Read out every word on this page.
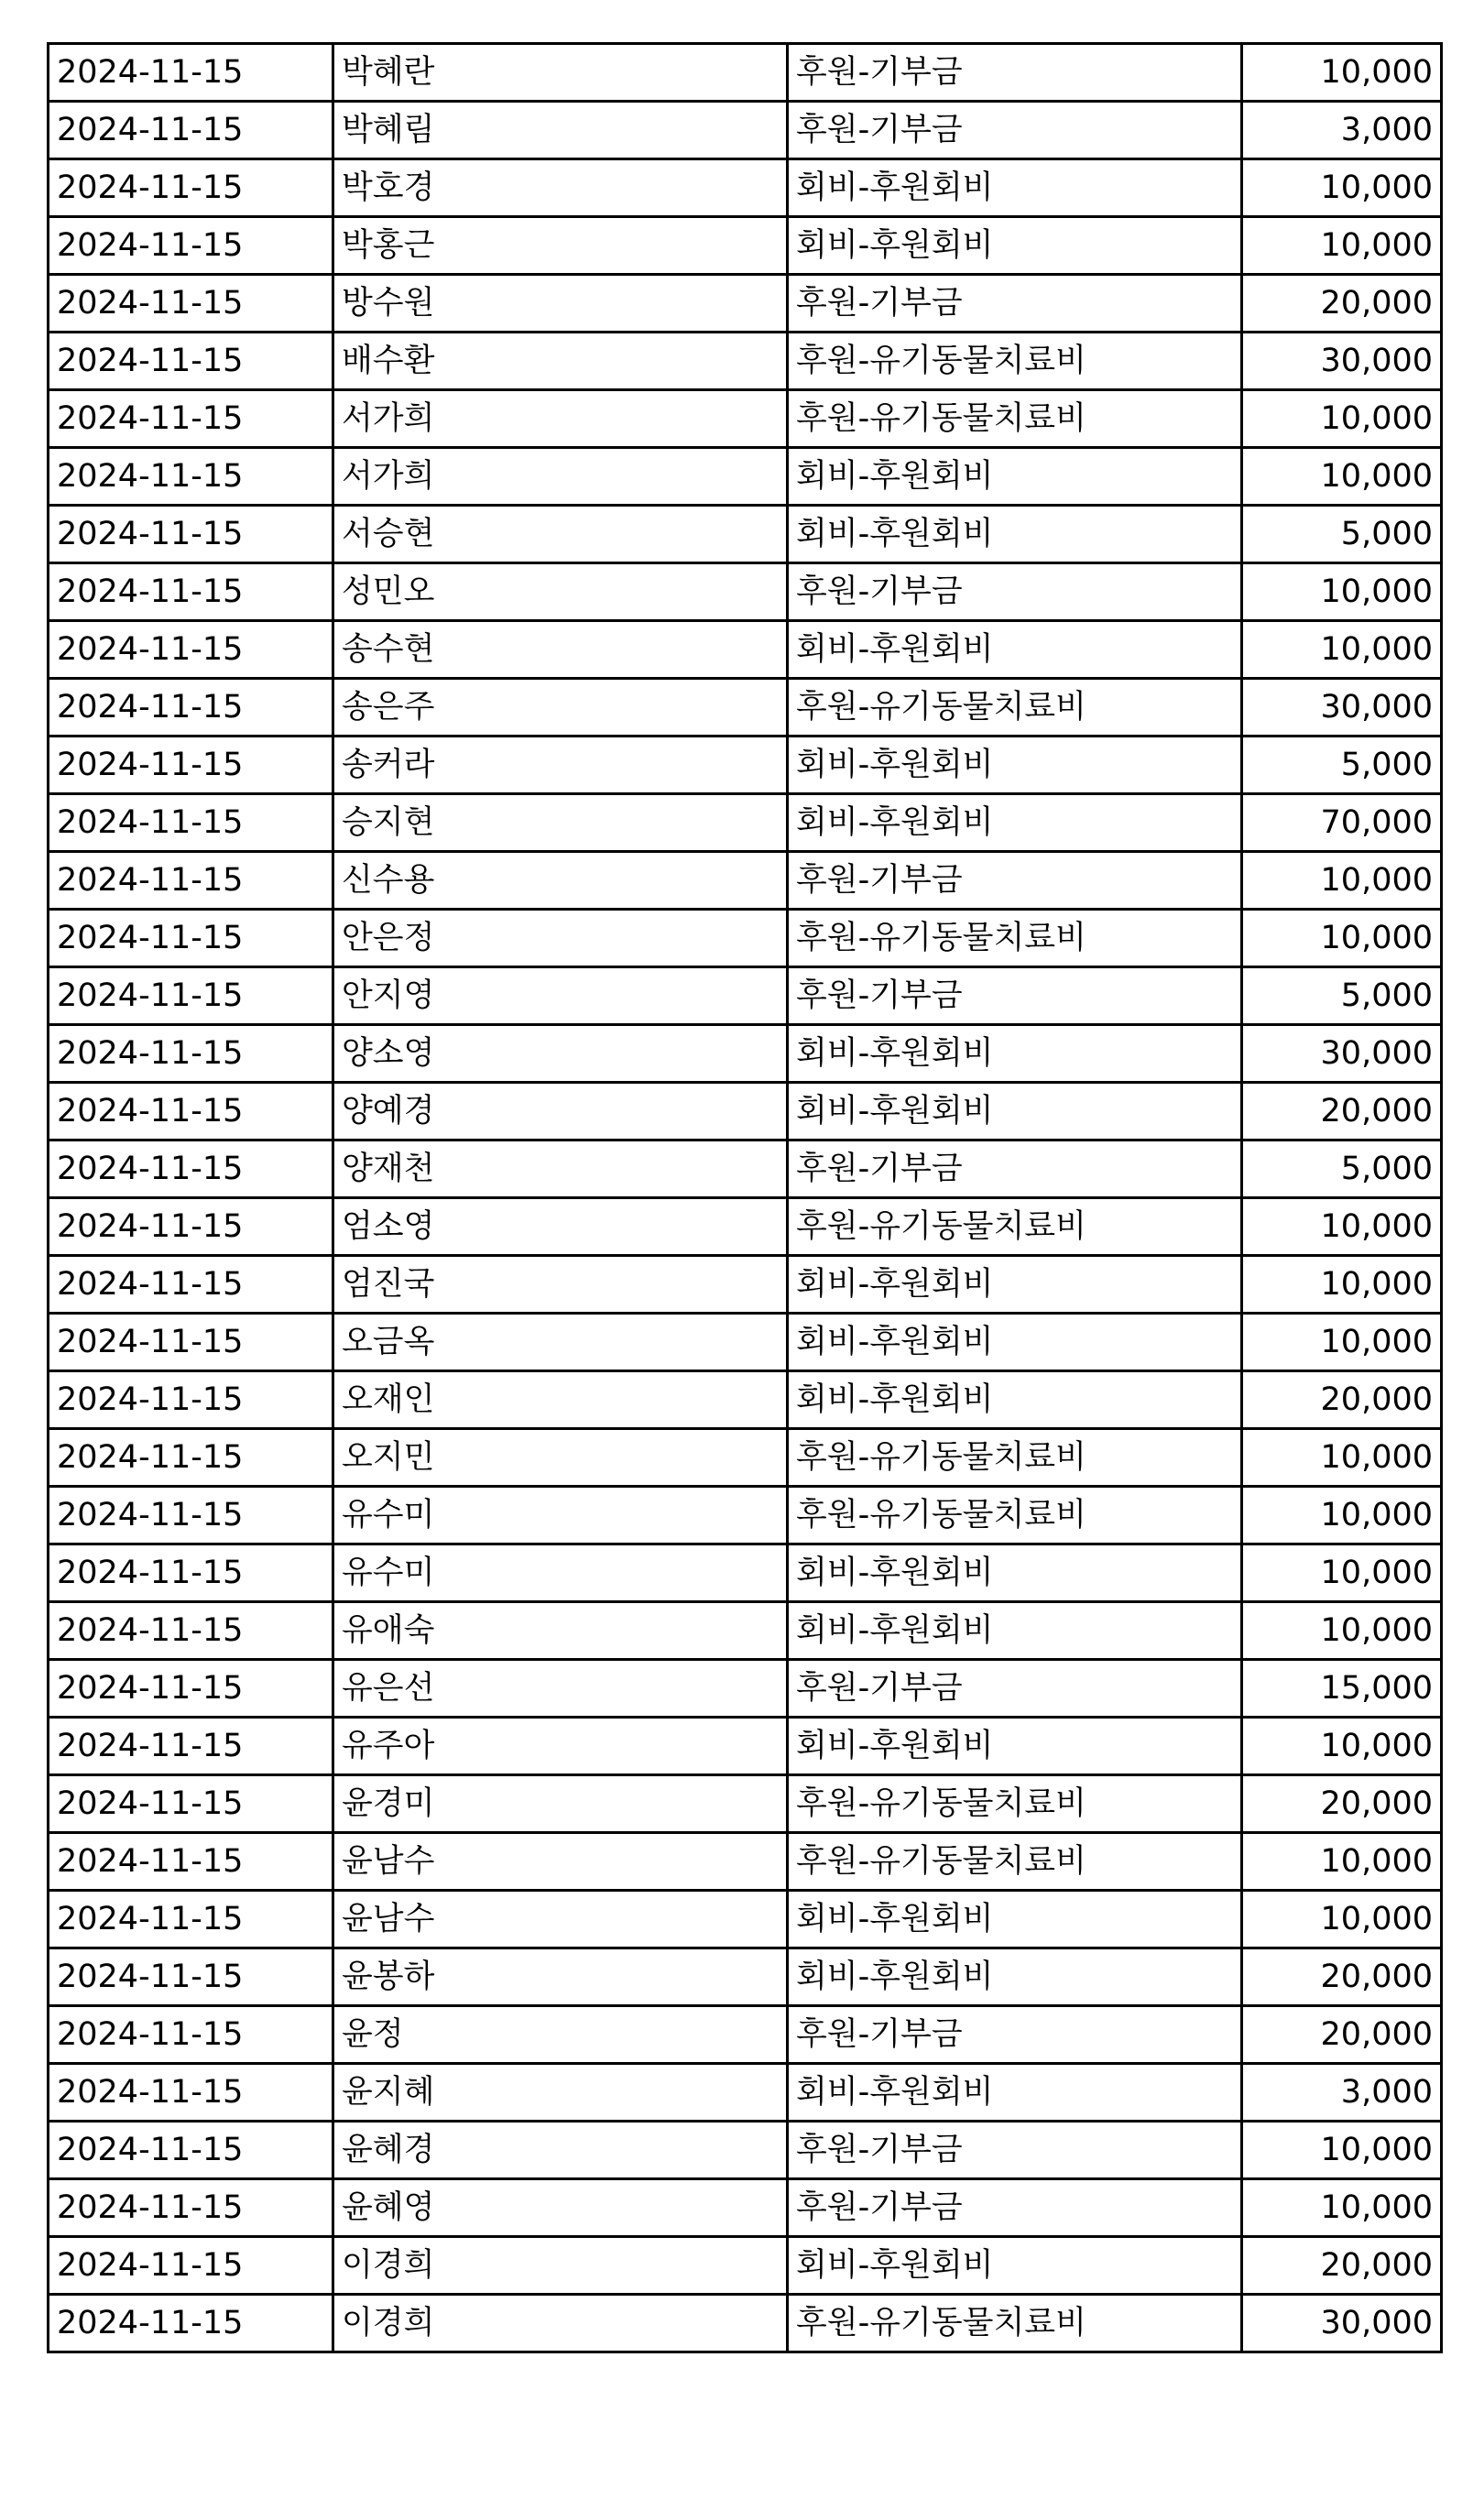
2024-11-15	박혜란	후원-기부금	10,000
2024-11-15	박혜림	후원-기부금	3,000
2024-11-15	박호경	회비-후원회비	10,000
2024-11-15	박홍근	회비-후원회비	10,000
2024-11-15	방수원	후원-기부금	20,000
2024-11-15	배수환	후원-유기동물치료비	30,000
2024-11-15	서가희	후원-유기동물치료비	10,000
2024-11-15	서가희	회비-후원회비	10,000
2024-11-15	서승현	회비-후원회비	5,000
2024-11-15	성민오	후원-기부금	10,000
2024-11-15	송수현	회비-후원회비	10,000
2024-11-15	송은주	후원-유기동물치료비	30,000
2024-11-15	송커라	회비-후원회비	5,000
2024-11-15	승지현	회비-후원회비	70,000
2024-11-15	신수용	후원-기부금	10,000
2024-11-15	안은정	후원-유기동물치료비	10,000
2024-11-15	안지영	후원-기부금	5,000
2024-11-15	양소영	회비-후원회비	30,000
2024-11-15	양예경	회비-후원회비	20,000
2024-11-15	양재천	후원-기부금	5,000
2024-11-15	엄소영	후원-유기동물치료비	10,000
2024-11-15	엄진국	회비-후원회비	10,000
2024-11-15	오금옥	회비-후원회비	10,000
2024-11-15	오재인	회비-후원회비	20,000
2024-11-15	오지민	후원-유기동물치료비	10,000
2024-11-15	유수미	후원-유기동물치료비	10,000
2024-11-15	유수미	회비-후원회비	10,000
2024-11-15	유애숙	회비-후원회비	10,000
2024-11-15	유은선	후원-기부금	15,000
2024-11-15	유주아	회비-후원회비	10,000
2024-11-15	윤경미	후원-유기동물치료비	20,000
2024-11-15	윤남수	후원-유기동물치료비	10,000
2024-11-15	윤남수	회비-후원회비	10,000
2024-11-15	윤봉하	회비-후원회비	20,000
2024-11-15	윤정	후원-기부금	20,000
2024-11-15	윤지혜	회비-후원회비	3,000
2024-11-15	윤혜경	후원-기부금	10,000
2024-11-15	윤혜영	후원-기부금	10,000
2024-11-15	이경희	회비-후원회비	20,000
2024-11-15	이경희	후원-유기동물치료비	30,000
